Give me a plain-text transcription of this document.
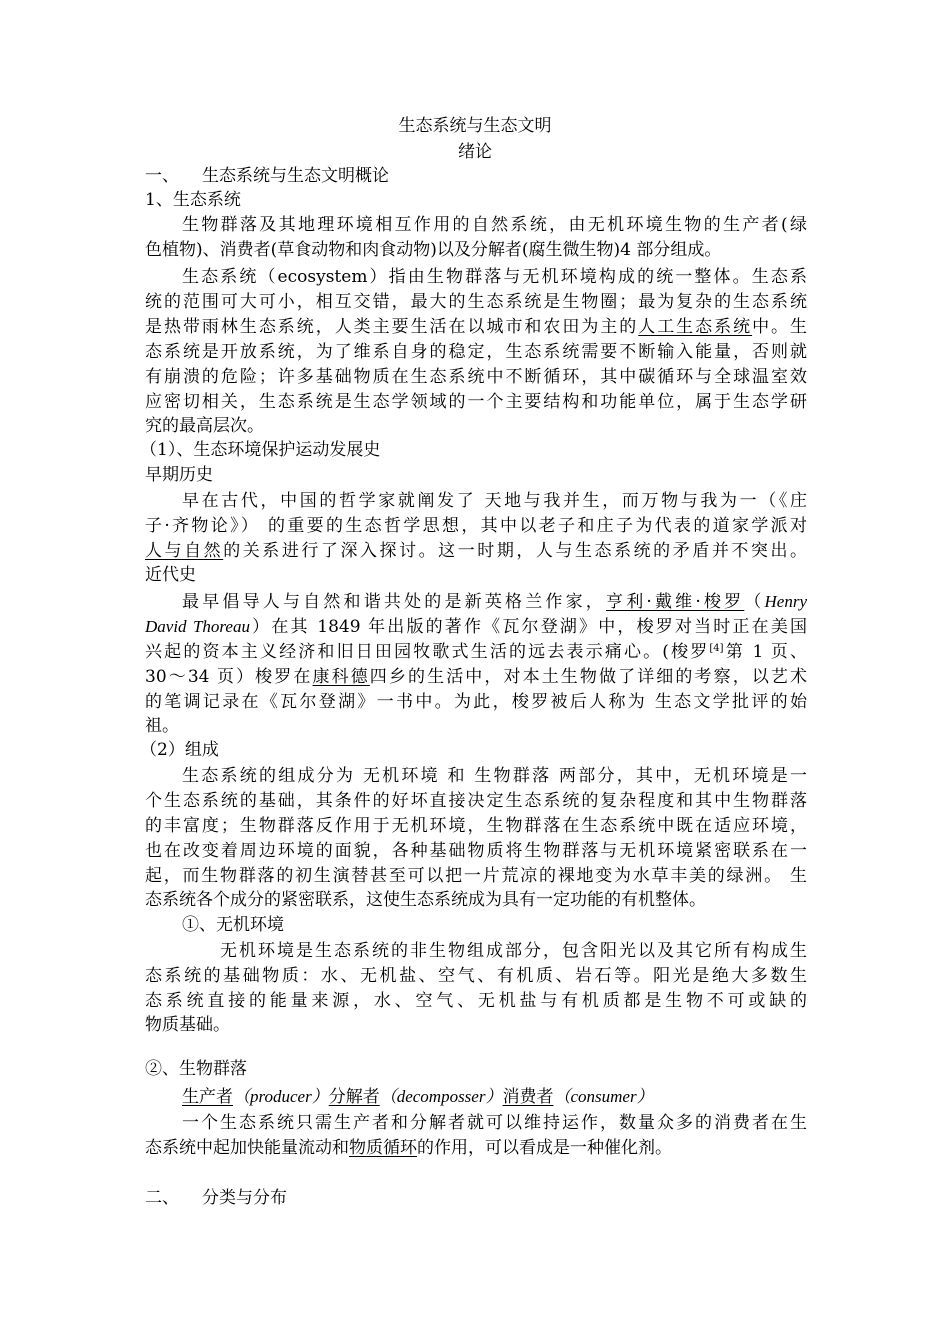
生态系统与生态文明
绪论
一、 生态系统与生态文明概论
1、生态系统
生物群落及其地理环境相互作用的自然系统，由无机环境生物的生产者(绿
色植物)、消费者(草食动物和肉食动物)以及分解者(腐生微生物)4 部分组成。
生态系统（ecosystem）指由生物群落与无机环境构成的统一整体。生态系
统的范围可大可小，相互交错，最大的生态系统是生物圈；最为复杂的生态系统
是热带雨林生态系统，人类主要生活在以城市和农田为主的人工生态系统中。生
态系统是开放系统，为了维系自身的稳定，生态系统需要不断输入能量，否则就
有崩溃的危险；许多基础物质在生态系统中不断循环，其中碳循环与全球温室效
应密切相关，生态系统是生态学领域的一个主要结构和功能单位，属于生态学研
究的最高层次。
（1）、生态环境保护运动发展史
早期历史
早在古代，中国的哲学家就阐发了 天地与我并生，而万物与我为一（《庄
子·齐物论》） 的重要的生态哲学思想，其中以老子和庄子为代表的道家学派对
人与自然的关系进行了深入探讨。这一时期，人与生态系统的矛盾并不突出。
近代史
最早倡导人与自然和谐共处的是新英格兰作家，亨利·戴维·梭罗（Henry
David Thoreau）在其 1849 年出版的著作《瓦尔登湖》中，梭罗对当时正在美国
兴起的资本主义经济和旧日田园牧歌式生活的远去表示痛心。(梭罗[4]第 1 页、
30～34 页）梭罗在康科德四乡的生活中，对本土生物做了详细的考察，以艺术
的笔调记录在《瓦尔登湖》一书中。为此，梭罗被后人称为 生态文学批评的始
祖。
（2）组成
生态系统的组成分为 无机环境 和 生物群落 两部分，其中，无机环境是一
个生态系统的基础，其条件的好坏直接决定生态系统的复杂程度和其中生物群落
的丰富度；生物群落反作用于无机环境，生物群落在生态系统中既在适应环境，
也在改变着周边环境的面貌，各种基础物质将生物群落与无机环境紧密联系在一
起，而生物群落的初生演替甚至可以把一片荒凉的裸地变为水草丰美的绿洲。 生
态系统各个成分的紧密联系，这使生态系统成为具有一定功能的有机整体。
①、无机环境
无机环境是生态系统的非生物组成部分，包含阳光以及其它所有构成生
态系统的基础物质：水、无机盐、空气、有机质、岩石等。阳光是绝大多数生
态系统直接的能量来源，水、空气、无机盐与有机质都是生物不可或缺的
物质基础。
②、生物群落
生产者（producer）分解者（decomposser）消费者（consumer）
一个生态系统只需生产者和分解者就可以维持运作，数量众多的消费者在生
态系统中起加快能量流动和物质循环的作用，可以看成是一种催化剂。
二、 分类与分布
